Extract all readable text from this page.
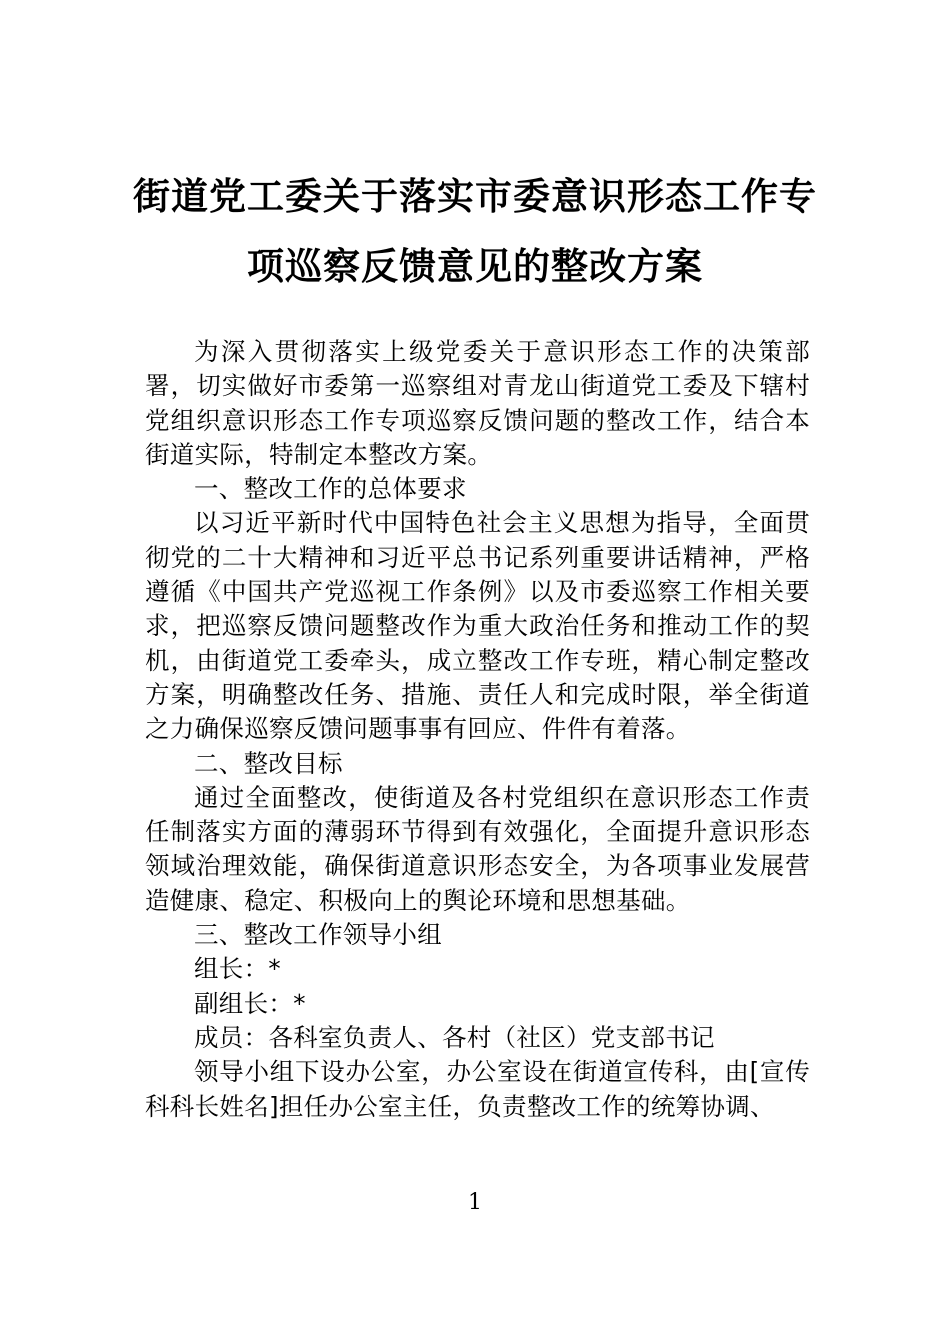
街道党工委关于落实市委意识形态工作专
项巡察反馈意见的整改方案

为深入贯彻落实上级党委关于意识形态工作的决策部署，切实做好市委第一巡察组对青龙山街道党工委及下辖村党组织意识形态工作专项巡察反馈问题的整改工作，结合本街道实际，特制定本整改方案。

一、整改工作的总体要求

以习近平新时代中国特色社会主义思想为指导，全面贯彻党的二十大精神和习近平总书记系列重要讲话精神，严格遵循《中国共产党巡视工作条例》以及市委巡察工作相关要求，把巡察反馈问题整改作为重大政治任务和推动工作的契机，由街道党工委牵头，成立整改工作专班，精心制定整改方案，明确整改任务、措施、责任人和完成时限，举全街道之力确保巡察反馈问题事事有回应、件件有着落。

二、整改目标

通过全面整改，使街道及各村党组织在意识形态工作责任制落实方面的薄弱环节得到有效强化，全面提升意识形态领域治理效能，确保街道意识形态安全，为各项事业发展营造健康、稳定、积极向上的舆论环境和思想基础。

三、整改工作领导小组

组长：*

副组长：*

成员：各科室负责人、各村（社区）党支部书记

领导小组下设办公室，办公室设在街道宣传科，由[宣传科科长姓名]担任办公室主任，负责整改工作的统筹协调、

1
